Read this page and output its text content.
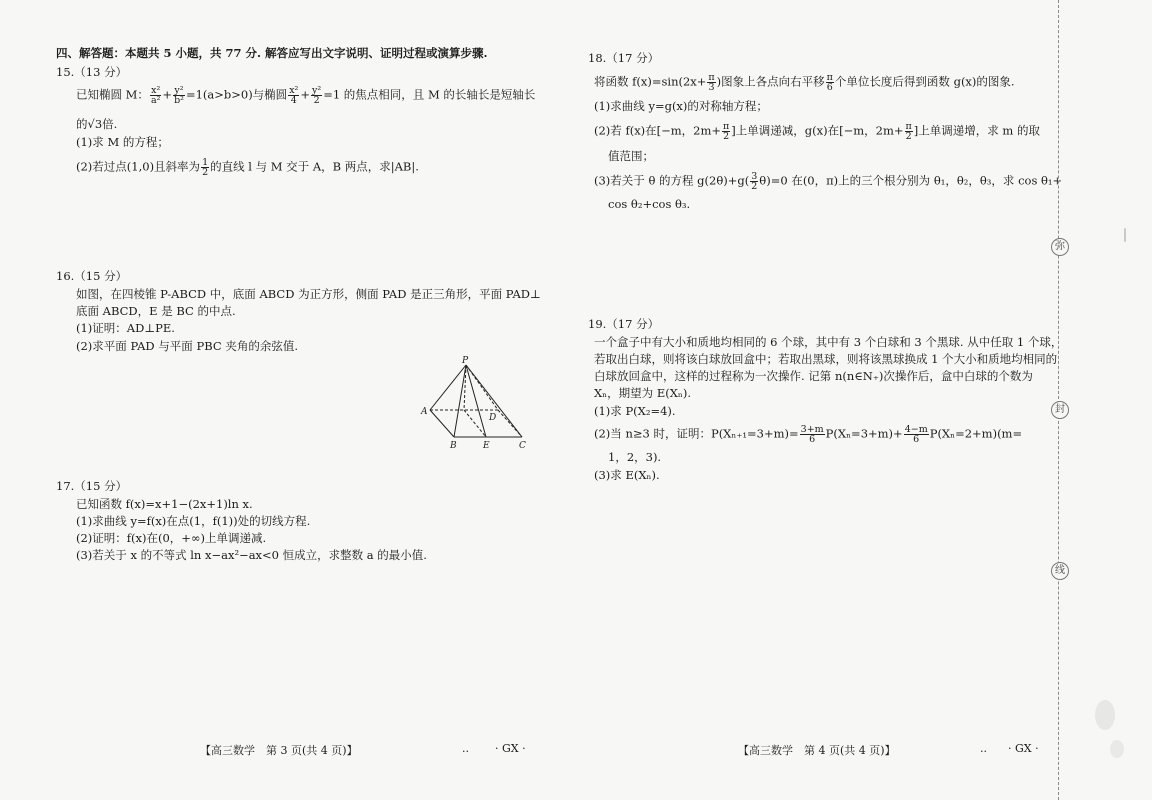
四、解答题：本题共 5 小题，共 77 分. 解答应写出文字说明、证明过程或演算步骤.
15.（13 分）
已知椭圆 M： $\frac{\text{x²}}{\text{a²}} + \frac{\text{y²}}{\text{b²}} =1(a>b>0)$与椭圆 $\frac{\text{x²}}{4} + \frac{\text{y²}}{2} =1$ 的焦点相同，且 M 的长轴长是短轴长
的√3倍.
(1)求 M 的方程；
(2)若过点(1,0)且斜率为 $\frac{1}{2}$ 的直线 l 与 M 交于 A，B 两点，求|AB|.
16.（15 分）
如图，在四棱锥 P-ABCD 中，底面 ABCD 为正方形，侧面 PAD 是正三角形，平面 PAD⊥
底面 ABCD，E 是 BC 的中点.
(1)证明：AD⊥PE.
(2)求平面 PAD 与平面 PBC 夹角的余弦值.
P
A
B	E	C
D
17.（15 分）
已知函数 f(x)=x+1−(2x+1)ln x.
(1)求曲线 y=f(x)在点(1，f(1))处的切线方程.
(2)证明：f(x)在(0，+∞)上单调递减.
(3)若关于 x 的不等式 ln x−ax²−ax<0 恒成立，求整数 a 的最小值.
【高三数学　第 3 页(共 4 页)】	.. · GX ·
18.（17 分）
将函数 $f(x)=\sin(2x+ \frac{\pi}{3}$ )图象上各点向右平移 $\frac{\pi}{6}$ 个单位长度后得到函数 g(x)的图象.
(1)求曲线 y=g(x)的对称轴方程；
(2)若 f(x)在[−m，$2m+ \frac{\pi}{2}$ ]上单调递减，g(x)在[−m，$2m+ \frac{\pi}{2}$ ]上单调递增，求 m 的取
值范围；
(3)若关于 θ 的方程 $g(2\theta)+g( \frac{3}{2} \theta)=0$ 在(0，π)上的三个根分别为 θ₁，θ₂，θ₃，求 cos θ₁+
cos θ₂+cos θ₃.
19.（17 分）
一个盒子中有大小和质地均相同的 6 个球，其中有 3 个白球和 3 个黑球. 从中任取 1 个球，
若取出白球，则将该白球放回盒中；若取出黑球，则将该黑球换成 1 个大小和质地均相同的
白球放回盒中，这样的过程称为一次操作. 记第 n(n∈N₊)次操作后，盒中白球的个数为
Xₙ，期望为 E(Xₙ).
(1)求 P(X₂=4).
(2)当 n≥3 时，证明：$P(X_{n+1}=3+m)= \frac{3+m}{6} P(X_n=3+m)+ \frac{4-m}{6} P(X_n=2+m)(m=$
1，2，3).
(3)求 E(Xₙ).
【高三数学　第 4 页(共 4 页)】	.. · GX ·
弥
封
线
